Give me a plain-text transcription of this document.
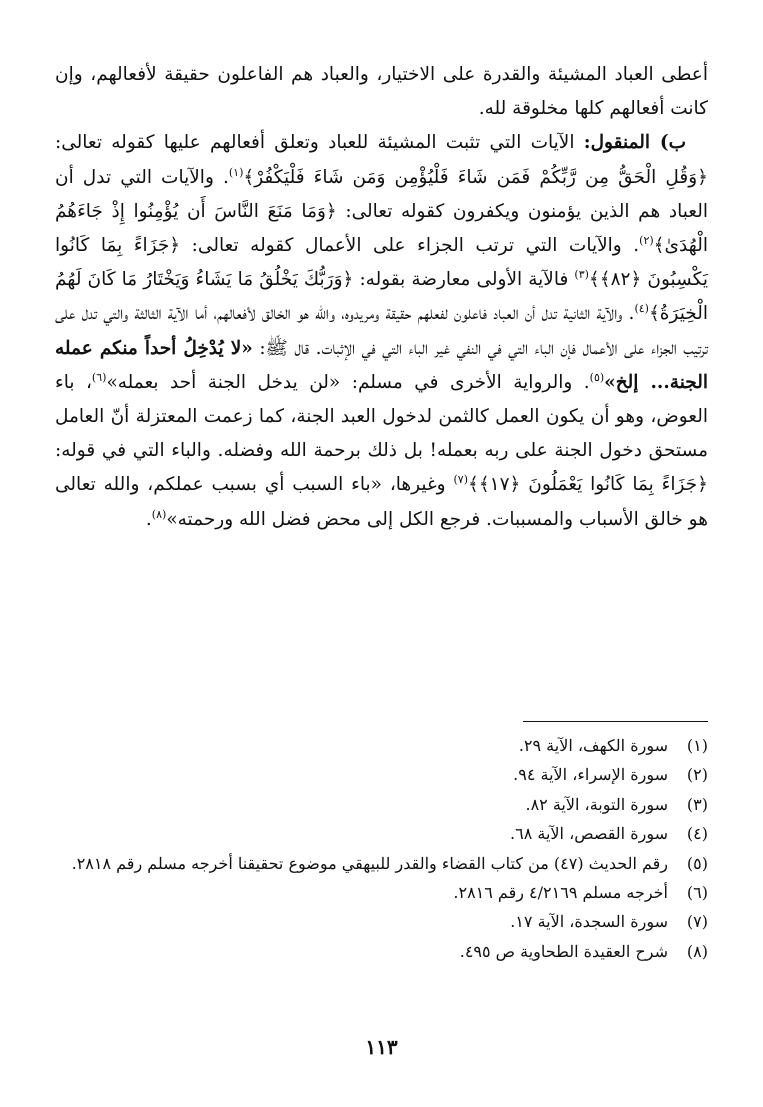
أعطى العباد المشيئة والقدرة على الاختيار، والعباد هم الفاعلون حقيقة لأفعالهم، وإن كانت أفعالهم كلها مخلوقة لله.

ب) المنقول: الآيات التي تثبت المشيئة للعباد وتعلق أفعالهم عليها كقوله تعالى: ﴿وَقُلِ الْحَقُّ مِن رَّبِّكُمْ فَمَن شَاءَ فَلْيُؤْمِن وَمَن شَاءَ فَلْيَكْفُرْ﴾$^{(١)}$. والآيات التي تدل أن العباد هم الذين يؤمنون ويكفرون كقوله تعالى: ﴿وَمَا مَنَعَ النَّاسَ أَن يُؤْمِنُوا إِذْ جَاءَهُمُ الْهُدَىٰ﴾$^{(٢)}$. والآيات التي ترتب الجزاء على الأعمال كقوله تعالى: ﴿جَزَاءً بِمَا كَانُوا يَكْسِبُونَ ﴿٨٢﴾﴾$^{(٣)}$ فالآية الأولى معارضة بقوله: ﴿وَرَبُّكَ يَخْلُقُ مَا يَشَاءُ وَيَخْتَارُ مَا كَانَ لَهُمُ الْخِيَرَةُ﴾$^{(٤)}$. والآية الثانية تدل أن العباد فاعلون لفعلهم حقيقة ومريدوه، والله هو الخالق لأفعالهم، أما الآية الثالثة والتي تدل على ترتيب الجزاء على الأعمال فإن الباء التي في النفي غير الباء التي في الإثبات. قال ﷺ: «لا يُدْخِلُ أحداً منكم عمله الجنة... إلخ»$^{(٥)}$. والرواية الأخرى في مسلم: «لن يدخل الجنة أحد بعمله»$^{(٦)}$، باء العوض، وهو أن يكون العمل كالثمن لدخول العبد الجنة، كما زعمت المعتزلة أنّ العامل مستحق دخول الجنة على ربه بعمله! بل ذلك برحمة الله وفضله. والباء التي في قوله: ﴿جَزَاءً بِمَا كَانُوا يَعْمَلُونَ ﴿١٧﴾﴾$^{(٧)}$ وغيرها، «باء السبب أي بسبب عملكم، والله تعالى هو خالق الأسباب والمسببات. فرجع الكل إلى محض فضل الله ورحمته»$^{(٨)}$.

(١)
سورة الكهف، الآية ٢٩.
(٢)
سورة الإسراء، الآية ٩٤.
(٣)
سورة التوبة، الآية ٨٢.
(٤)
سورة القصص، الآية ٦٨.
(٥)
رقم الحديث (٤٧) من كتاب القضاء والقدر للبيهقي موضوع تحقيقنا أخرجه مسلم رقم ٢٨١٨.
(٦)
أخرجه مسلم ٤/٢١٦٩ رقم ٢٨١٦.
(٧)
سورة السجدة، الآية ١٧.
(٨)
شرح العقيدة الطحاوية ص ٤٩٥.
١١٣
